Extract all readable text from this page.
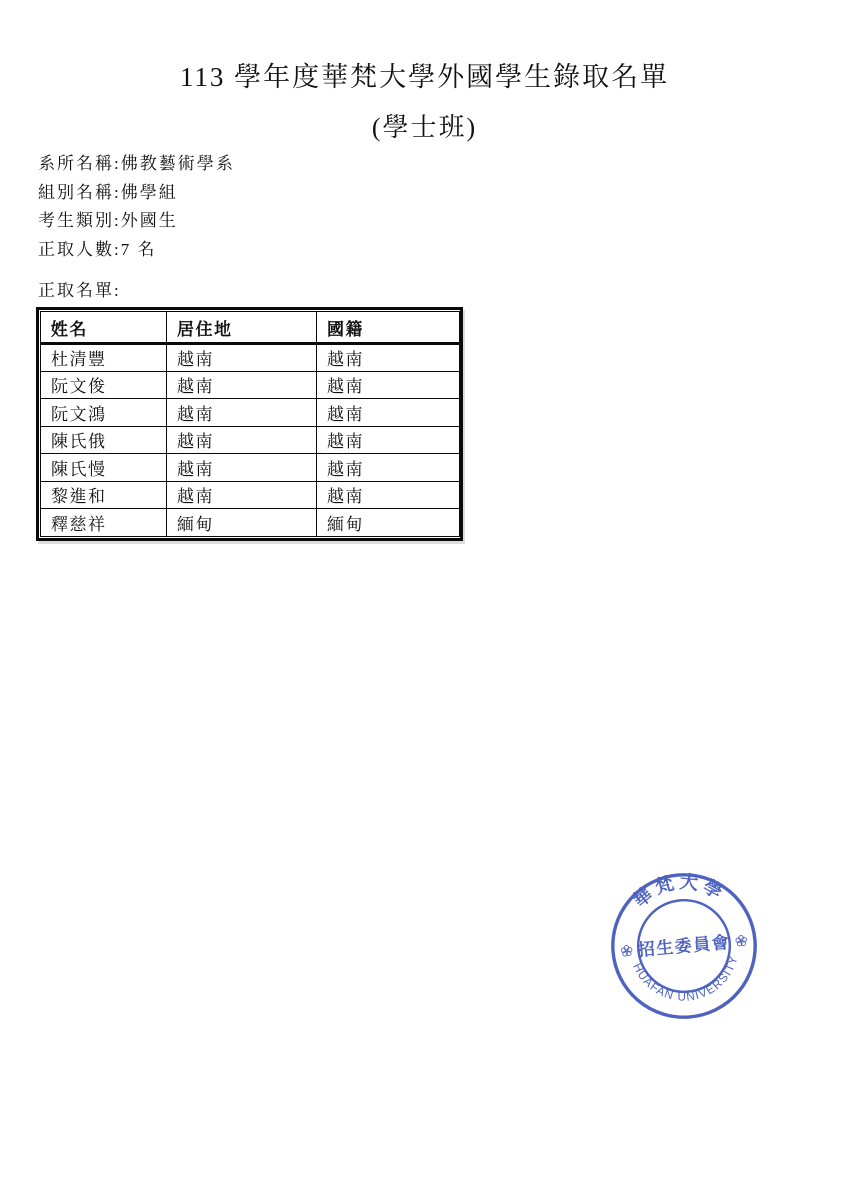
113 學年度華梵大學外國學生錄取名單
(學士班)
系所名稱:佛教藝術學系
組別名稱:佛學組
考生類別:外國生
正取人數:7 名
正取名單:
姓名	居住地	國籍
杜清豐	越南	越南
阮文俊	越南	越南
阮文鴻	越南	越南
陳氏俄	越南	越南
陳氏慢	越南	越南
黎進和	越南	越南
釋慈祥	緬甸	緬甸
華梵大學
HUAFAN UNIVERSITY
招生委員會
